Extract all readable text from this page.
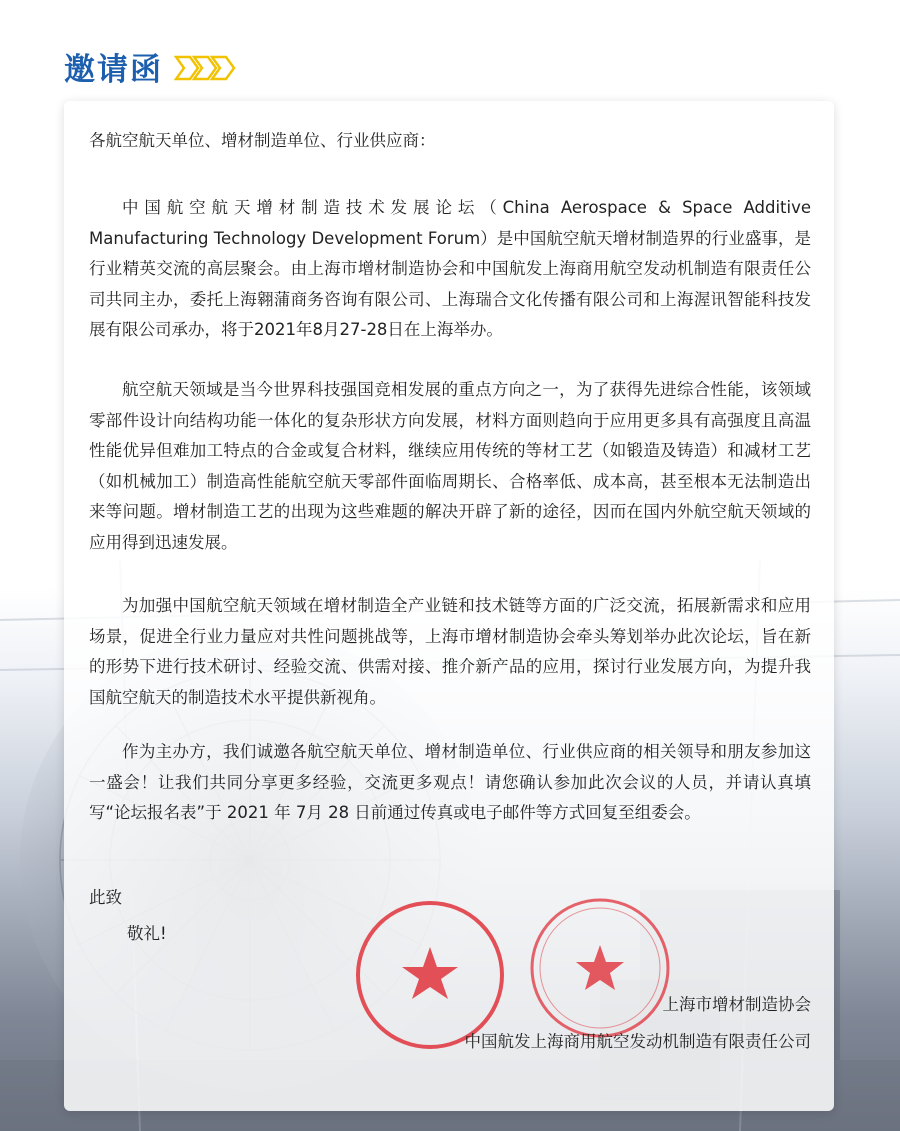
邀请函
各航空航天单位、增材制造单位、行业供应商：

中国航空航天增材制造技术发展论坛（China Aerospace & Space Additive Manufacturing Technology Development Forum）是中国航空航天增材制造界的行业盛事，是行业精英交流的高层聚会。由上海市增材制造协会和中国航发上海商用航空发动机制造有限责任公司共同主办，委托上海翱蒲商务咨询有限公司、上海瑞合文化传播有限公司和上海渥讯智能科技发展有限公司承办，将于2021年8月27-28日在上海举办。

航空航天领域是当今世界科技强国竞相发展的重点方向之一，为了获得先进综合性能，该领域零部件设计向结构功能一体化的复杂形状方向发展，材料方面则趋向于应用更多具有高强度且高温性能优异但难加工特点的合金或复合材料，继续应用传统的等材工艺（如锻造及铸造）和减材工艺（如机械加工）制造高性能航空航天零部件面临周期长、合格率低、成本高，甚至根本无法制造出来等问题。增材制造工艺的出现为这些难题的解决开辟了新的途径，因而在国内外航空航天领域的应用得到迅速发展。

为加强中国航空航天领域在增材制造全产业链和技术链等方面的广泛交流，拓展新需求和应用场景，促进全行业力量应对共性问题挑战等，上海市增材制造协会牵头筹划举办此次论坛，旨在新的形势下进行技术研讨、经验交流、供需对接、推介新产品的应用，探讨行业发展方向，为提升我国航空航天的制造技术水平提供新视角。

作为主办方，我们诚邀各航空航天单位、增材制造单位、行业供应商的相关领导和朋友参加这一盛会！让我们共同分享更多经验，交流更多观点！请您确认参加此次会议的人员，并请认真填写“论坛报名表”于 2021 年 7月 28 日前通过传真或电子邮件等方式回复至组委会。

此致
敬礼!
上海市增材制造协会
中国航发上海商用航空发动机制造有限责任公司
